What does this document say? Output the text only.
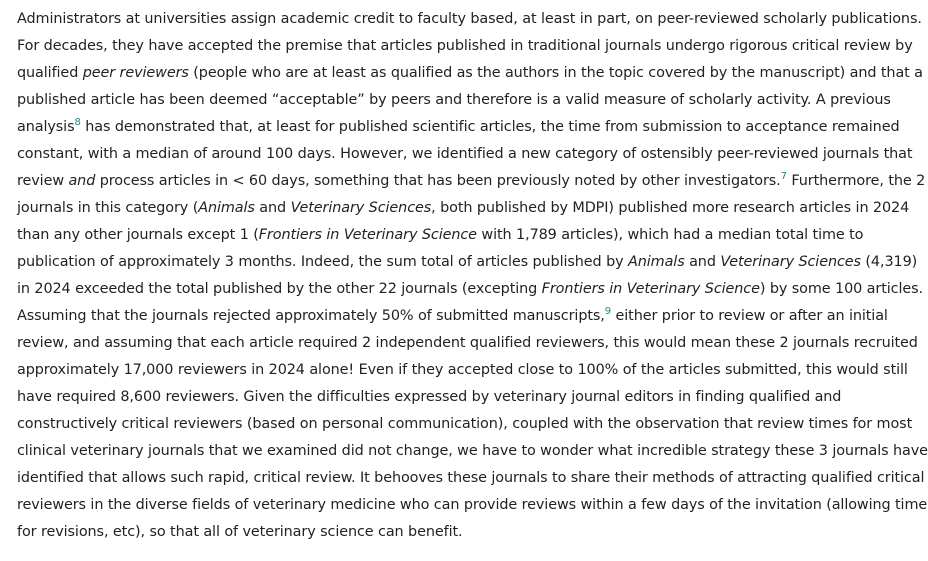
Administrators at universities assign academic credit to faculty based, at least in part, on peer-reviewed scholarly publications.
For decades, they have accepted the premise that articles published in traditional journals undergo rigorous critical review by
qualified peer reviewers (people who are at least as qualified as the authors in the topic covered by the manuscript) and that a
published article has been deemed “acceptable” by peers and therefore is a valid measure of scholarly activity. A previous
analysis$^8$ has demonstrated that, at least for published scientific articles, the time from submission to acceptance remained
constant, with a median of around 100 days. However, we identified a new category of ostensibly peer-reviewed journals that
review and process articles in < 60 days, something that has been previously noted by other investigators.$^7$ Furthermore, the 2
journals in this category (Animals and Veterinary Sciences, both published by MDPI) published more research articles in 2024
than any other journals except 1 (Frontiers in Veterinary Science with 1,789 articles), which had a median total time to
publication of approximately 3 months. Indeed, the sum total of articles published by Animals and Veterinary Sciences (4,319)
in 2024 exceeded the total published by the other 22 journals (excepting Frontiers in Veterinary Science) by some 100 articles.
Assuming that the journals rejected approximately 50% of submitted manuscripts,$^9$ either prior to review or after an initial
review, and assuming that each article required 2 independent qualified reviewers, this would mean these 2 journals recruited
approximately 17,000 reviewers in 2024 alone! Even if they accepted close to 100% of the articles submitted, this would still
have required 8,600 reviewers. Given the difficulties expressed by veterinary journal editors in finding qualified and
constructively critical reviewers (based on personal communication), coupled with the observation that review times for most
clinical veterinary journals that we examined did not change, we have to wonder what incredible strategy these 3 journals have
identified that allows such rapid, critical review. It behooves these journals to share their methods of attracting qualified critical
reviewers in the diverse fields of veterinary medicine who can provide reviews within a few days of the invitation (allowing time
for revisions, etc), so that all of veterinary science can benefit.
